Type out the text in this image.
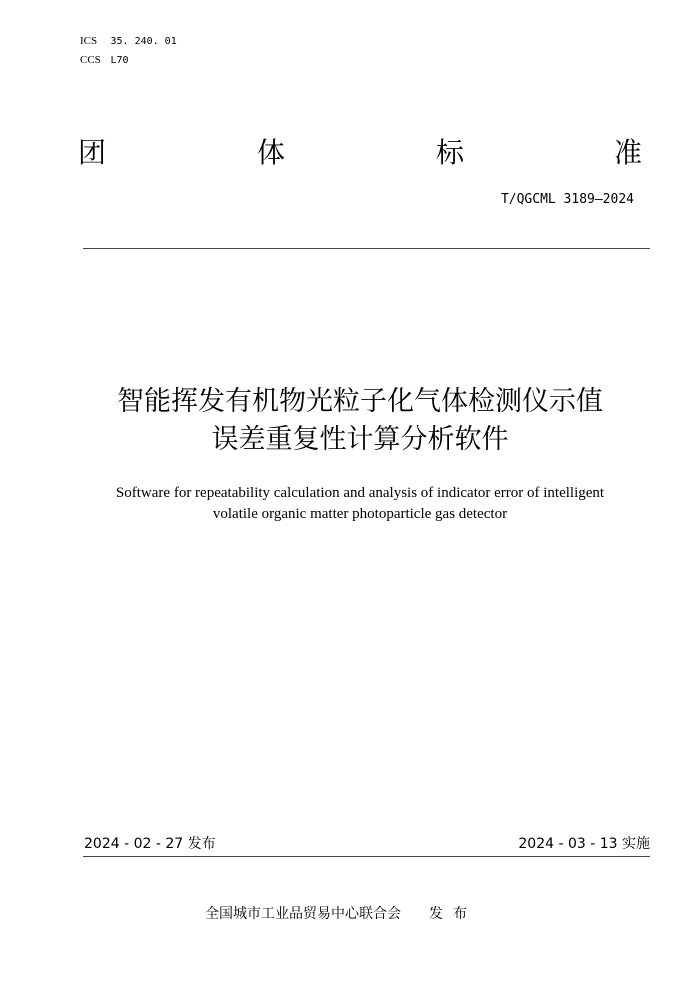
ICS 35. 240. 01
CCS L70
团	体	标	准
T/QGCML 3189—2024
智能挥发有机物光粒子化气体检测仪示值
误差重复性计算分析软件
Software for repeatability calculation and analysis of indicator error of intelligent
volatile organic matter photoparticle gas detector
2024 - 02 - 27 发布	2024 - 03 - 13 实施
全国城市工业品贸易中心联合会 发布
